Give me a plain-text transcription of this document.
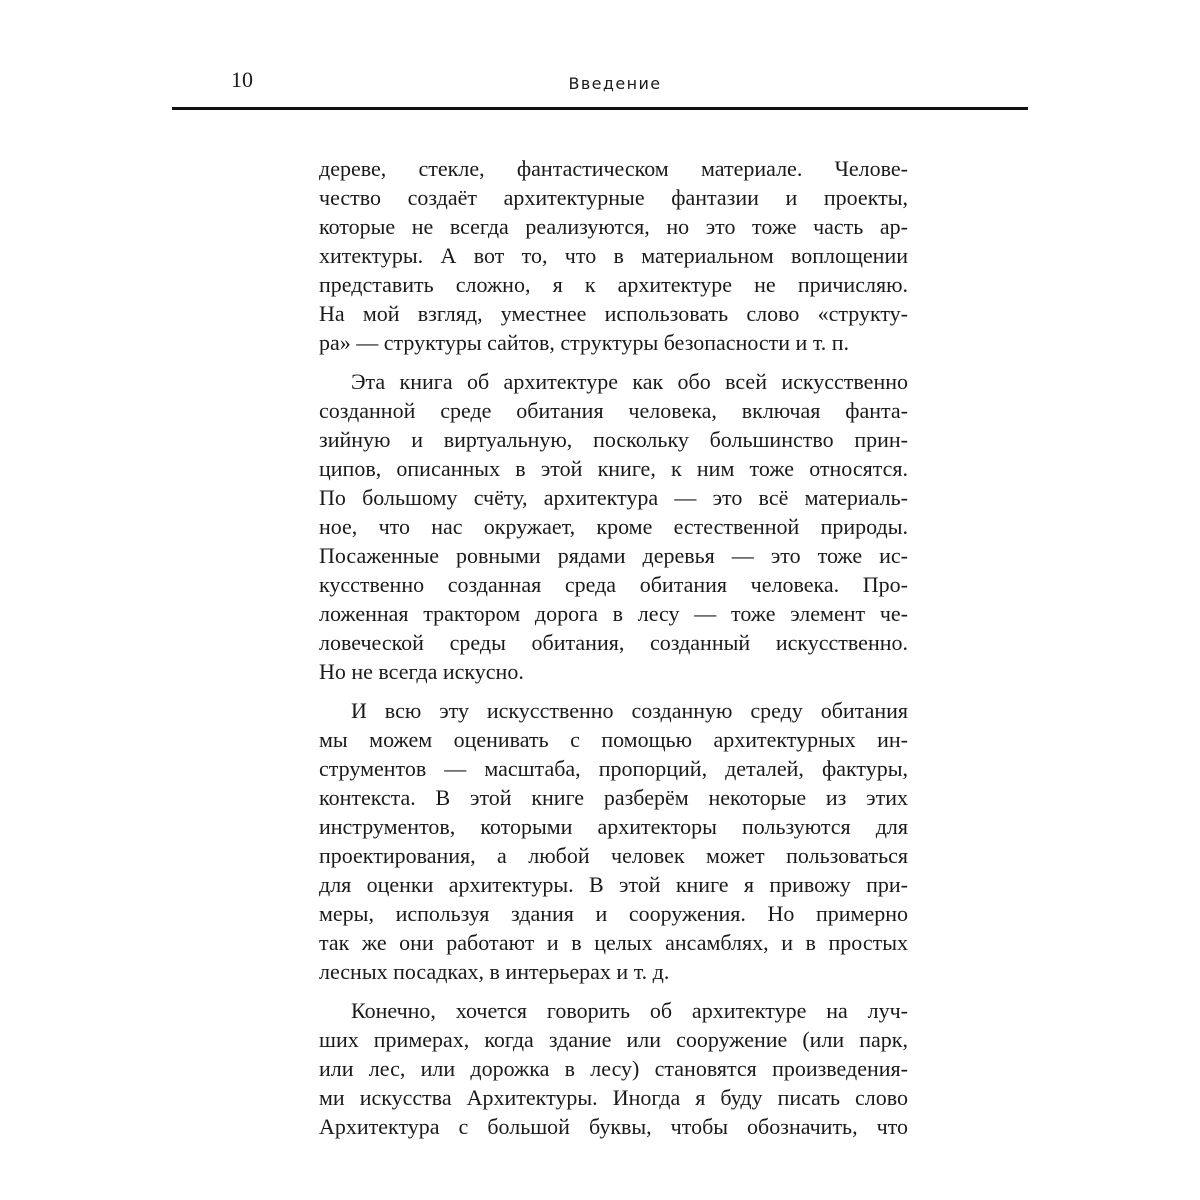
10	Введение
дереве, стекле, фантастическом материале. Челове-
чество создаёт архитектурные фантазии и проекты,
которые не всегда реализуются, но это тоже часть ар-
хитектуры. А вот то, что в материальном воплощении
представить сложно, я к архитектуре не причисляю.
На мой взгляд, уместнее использовать слово «структу-
ра» — структуры сайтов, структуры безопасности и т. п.
Эта книга об архитектуре как обо всей искусственно
созданной среде обитания человека, включая фанта-
зийную и виртуальную, поскольку большинство прин-
ципов, описанных в этой книге, к ним тоже относятся.
По большому счёту, архитектура — это всё материаль-
ное, что нас окружает, кроме естественной природы.
Посаженные ровными рядами деревья — это тоже ис-
кусственно созданная среда обитания человека. Про-
ложенная трактором дорога в лесу — тоже элемент че-
ловеческой среды обитания, созданный искусственно.
Но не всегда искусно.
И всю эту искусственно созданную среду обитания
мы можем оценивать с помощью архитектурных ин-
струментов — масштаба, пропорций, деталей, фактуры,
контекста. В этой книге разберём некоторые из этих
инструментов, которыми архитекторы пользуются для
проектирования, а любой человек может пользоваться
для оценки архитектуры. В этой книге я привожу при-
меры, используя здания и сооружения. Но примерно
так же они работают и в целых ансамблях, и в простых
лесных посадках, в интерьерах и т. д.
Конечно, хочется говорить об архитектуре на луч-
ших примерах, когда здание или сооружение (или парк,
или лес, или дорожка в лесу) становятся произведения-
ми искусства Архитектуры. Иногда я буду писать слово
Архитектура с большой буквы, чтобы обозначить, что
